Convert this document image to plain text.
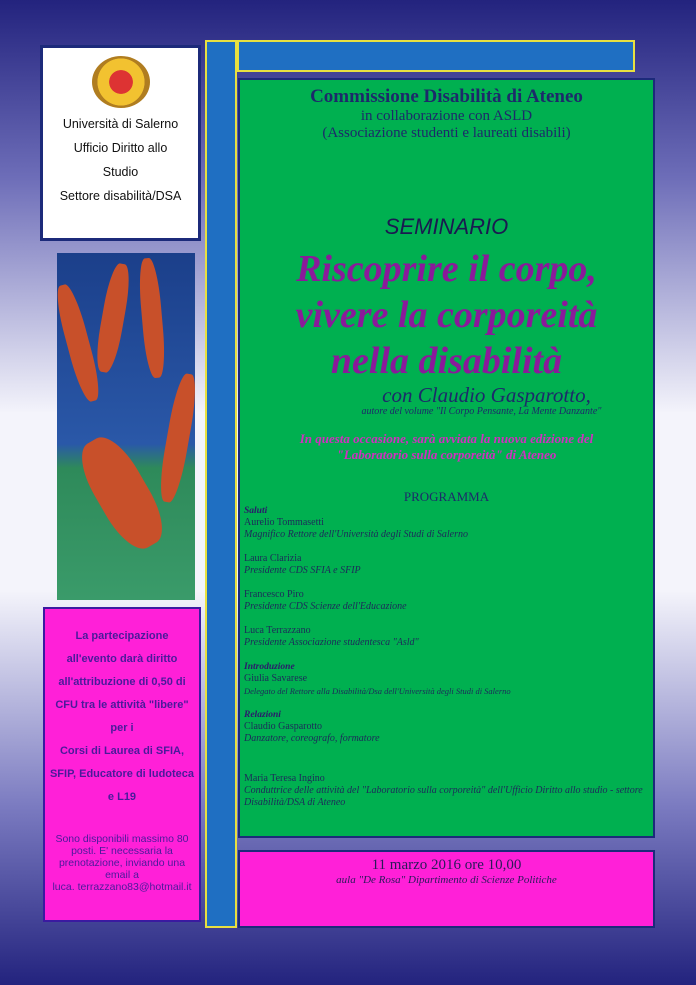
Università di Salerno
Ufficio Diritto allo
Studio
Settore disabilità/DSA
La partecipazione
all'evento darà diritto
all'attribuzione di 0,50 di
CFU tra le attività "libere"
per i
Corsi di Laurea di SFIA,
SFIP, Educatore di ludoteca
e L19
Sono disponibili massimo 80 posti. E' necessaria la prenotazione, inviando una email a
luca. terrazzano83@hotmail.it
Commissione Disabilità di Ateneo
in collaborazione con ASLD
(Associazione studenti e laureati disabili)
SEMINARIO
Riscoprire il corpo,
vivere la corporeità
nella disabilità
con Claudio Gasparotto,
autore del volume "Il Corpo Pensante, La Mente Danzante"
In questa occasione, sarà avviata la nuova edizione del
"Laboratorio sulla corporeità" di Ateneo
PROGRAMMA
Saluti
Aurelio Tommasetti
Magnifico Rettore dell'Università degli Studi di Salerno
Laura Clarizia
Presidente CDS SFIA e SFIP
Francesco Piro
Presidente CDS Scienze dell'Educazione
Luca Terrazzano
Presidente Associazione studentesca "Asld"
Introduzione
Giulia Savarese
Delegato del Rettore alla Disabilità/Dsa dell'Università degli Studi di Salerno
Relazioni
Claudio Gasparotto
Danzatore, coreografo, formatore
Maria Teresa Ingino
Conduttrice delle attività del "Laboratorio sulla corporeità" dell'Ufficio Diritto allo studio - settore Disabilità/DSA di Ateneo
11 marzo 2016 ore 10,00
aula "De Rosa" Dipartimento di Scienze Politiche
